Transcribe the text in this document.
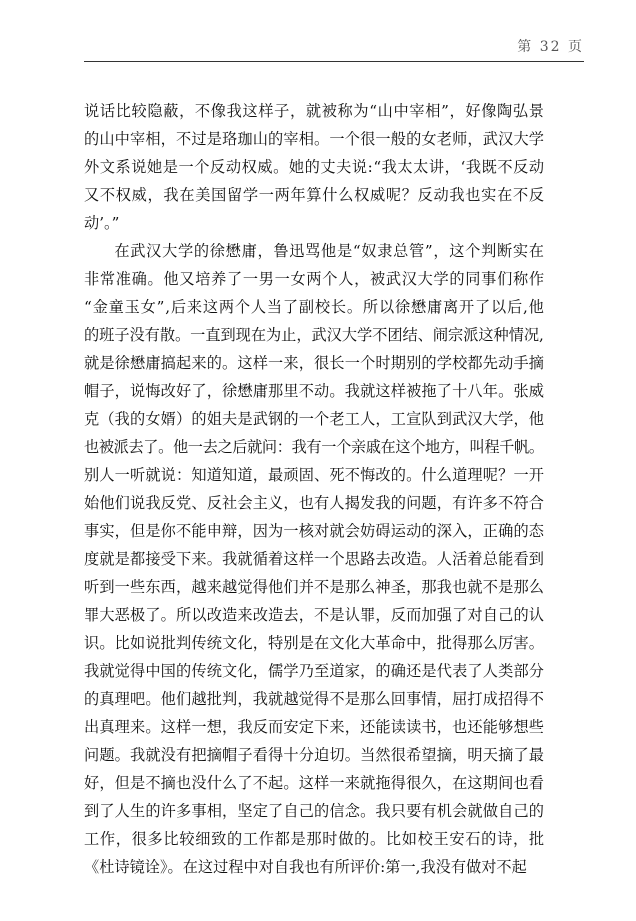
第 32 页
说话比较隐蔽，不像我这样子，就被称为“山中宰相”，好像陶弘景
的山中宰相，不过是珞珈山的宰相。一个很一般的女老师，武汉大学
外文系说她是一个反动权威。她的丈夫说:“我太太讲，‘我既不反动
又不权威，我在美国留学一两年算什么权威呢？反动我也实在不反
动’。”
在武汉大学的徐懋庸，鲁迅骂他是“奴隶总管”，这个判断实在
非常准确。他又培养了一男一女两个人，被武汉大学的同事们称作
“金童玉女”,后来这两个人当了副校长。所以徐懋庸离开了以后,他
的班子没有散。一直到现在为止，武汉大学不团结、闹宗派这种情况,
就是徐懋庸搞起来的。这样一来，很长一个时期别的学校都先动手摘
帽子，说悔改好了，徐懋庸那里不动。我就这样被拖了十八年。张威
克（我的女婿）的姐夫是武钢的一个老工人，工宣队到武汉大学，他
也被派去了。他一去之后就问：我有一个亲戚在这个地方，叫程千帆。
别人一听就说：知道知道，最顽固、死不悔改的。什么道理呢？一开
始他们说我反党、反社会主义，也有人揭发我的问题，有许多不符合
事实，但是你不能申辩，因为一核对就会妨碍运动的深入，正确的态
度就是都接受下来。我就循着这样一个思路去改造。人活着总能看到
听到一些东西，越来越觉得他们并不是那么神圣，那我也就不是那么
罪大恶极了。所以改造来改造去，不是认罪，反而加强了对自己的认
识。比如说批判传统文化，特别是在文化大革命中，批得那么厉害。
我就觉得中国的传统文化，儒学乃至道家，的确还是代表了人类部分
的真理吧。他们越批判，我就越觉得不是那么回事情，屈打成招得不
出真理来。这样一想，我反而安定下来，还能读读书，也还能够想些
问题。我就没有把摘帽子看得十分迫切。当然很希望摘，明天摘了最
好，但是不摘也没什么了不起。这样一来就拖得很久，在这期间也看
到了人生的许多事相，坚定了自己的信念。我只要有机会就做自己的
工作，很多比较细致的工作都是那时做的。比如校王安石的诗，批
《杜诗镜诠》。在这过程中对自我也有所评价:第一,我没有做对不起
